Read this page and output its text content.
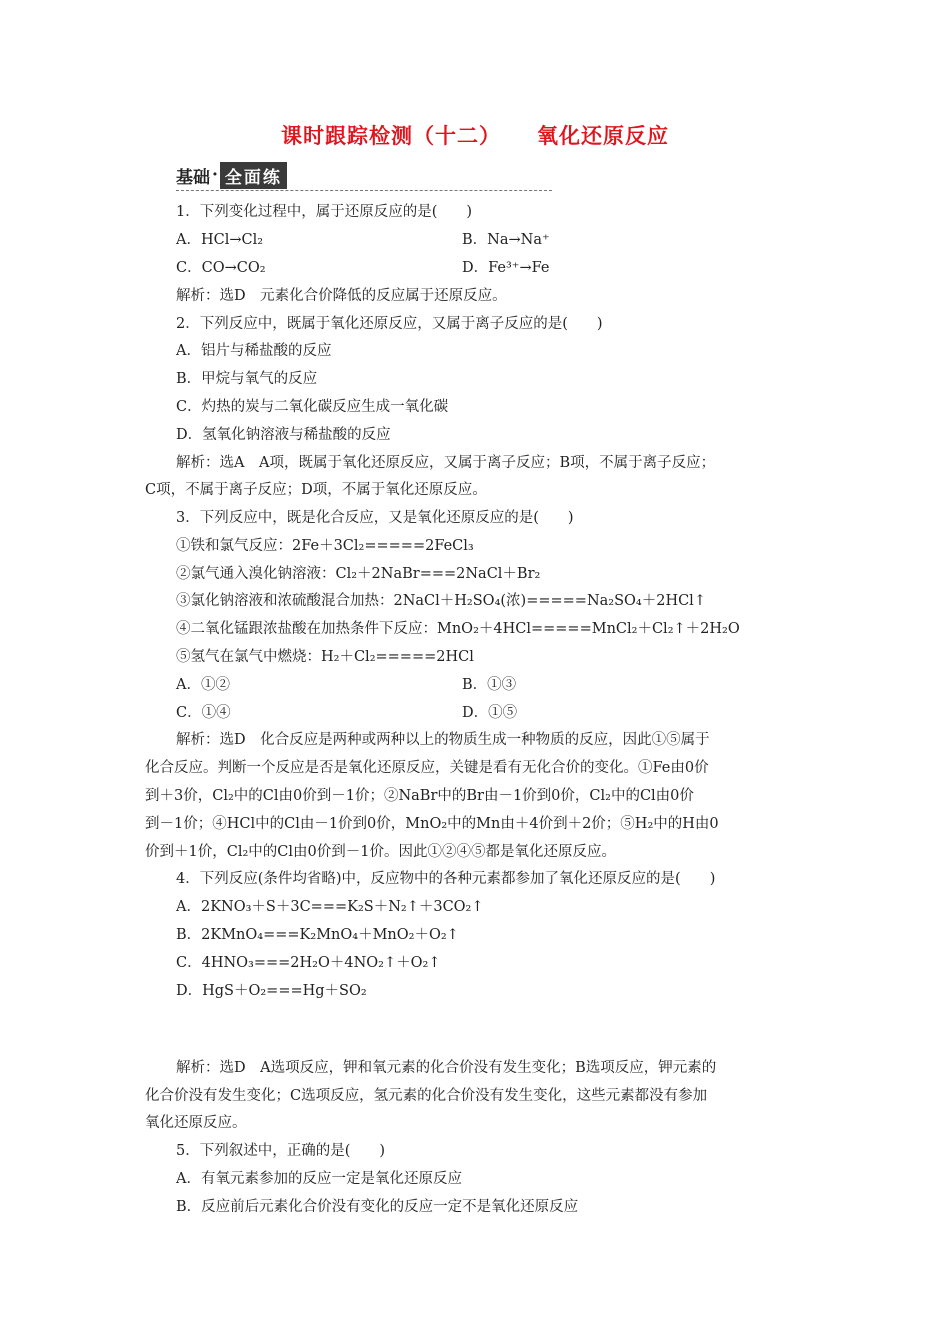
课时跟踪检测（十二） 氧化还原反应
基础 · 全面练
1．下列变化过程中，属于还原反应的是(　　)
A．HCl→Cl₂	B．Na→Na⁺
C．CO→CO₂	D．Fe³⁺→Fe
解析：选D　元素化合价降低的反应属于还原反应。
2．下列反应中，既属于氧化还原反应，又属于离子反应的是(　　)
A．铝片与稀盐酸的反应
B．甲烷与氧气的反应
C．灼热的炭与二氧化碳反应生成一氧化碳
D．氢氧化钠溶液与稀盐酸的反应
解析：选A　A项，既属于氧化还原反应，又属于离子反应；B项，不属于离子反应；
C项，不属于离子反应；D项，不属于氧化还原反应。
3．下列反应中，既是化合反应，又是氧化还原反应的是(　　)
①铁和氯气反应：2Fe＋3Cl₂=====2FeCl₃
②氯气通入溴化钠溶液：Cl₂＋2NaBr===2NaCl＋Br₂
③氯化钠溶液和浓硫酸混合加热：2NaCl＋H₂SO₄(浓)=====Na₂SO₄＋2HCl↑
④二氧化锰跟浓盐酸在加热条件下反应：MnO₂＋4HCl=====MnCl₂＋Cl₂↑＋2H₂O
⑤氢气在氯气中燃烧：H₂＋Cl₂=====2HCl
A．①②	B．①③
C．①④	D．①⑤
解析：选D　化合反应是两种或两种以上的物质生成一种物质的反应，因此①⑤属于
化合反应。判断一个反应是否是氧化还原反应，关键是看有无化合价的变化。①Fe由0价
到＋3价，Cl₂中的Cl由0价到－1价；②NaBr中的Br由－1价到0价，Cl₂中的Cl由0价
到－1价；④HCl中的Cl由－1价到0价，MnO₂中的Mn由＋4价到＋2价；⑤H₂中的H由0
价到＋1价，Cl₂中的Cl由0价到－1价。因此①②④⑤都是氧化还原反应。
4．下列反应(条件均省略)中，反应物中的各种元素都参加了氧化还原反应的是(　　)
A．2KNO₃＋S＋3C===K₂S＋N₂↑＋3CO₂↑
B．2KMnO₄===K₂MnO₄＋MnO₂＋O₂↑
C．4HNO₃===2H₂O＋4NO₂↑＋O₂↑
D．HgS＋O₂===Hg＋SO₂
解析：选D　A选项反应，钾和氧元素的化合价没有发生变化；B选项反应，钾元素的
化合价没有发生变化；C选项反应，氢元素的化合价没有发生变化，这些元素都没有参加
氧化还原反应。
5．下列叙述中，正确的是(　　)
A．有氧元素参加的反应一定是氧化还原反应
B．反应前后元素化合价没有变化的反应一定不是氧化还原反应
